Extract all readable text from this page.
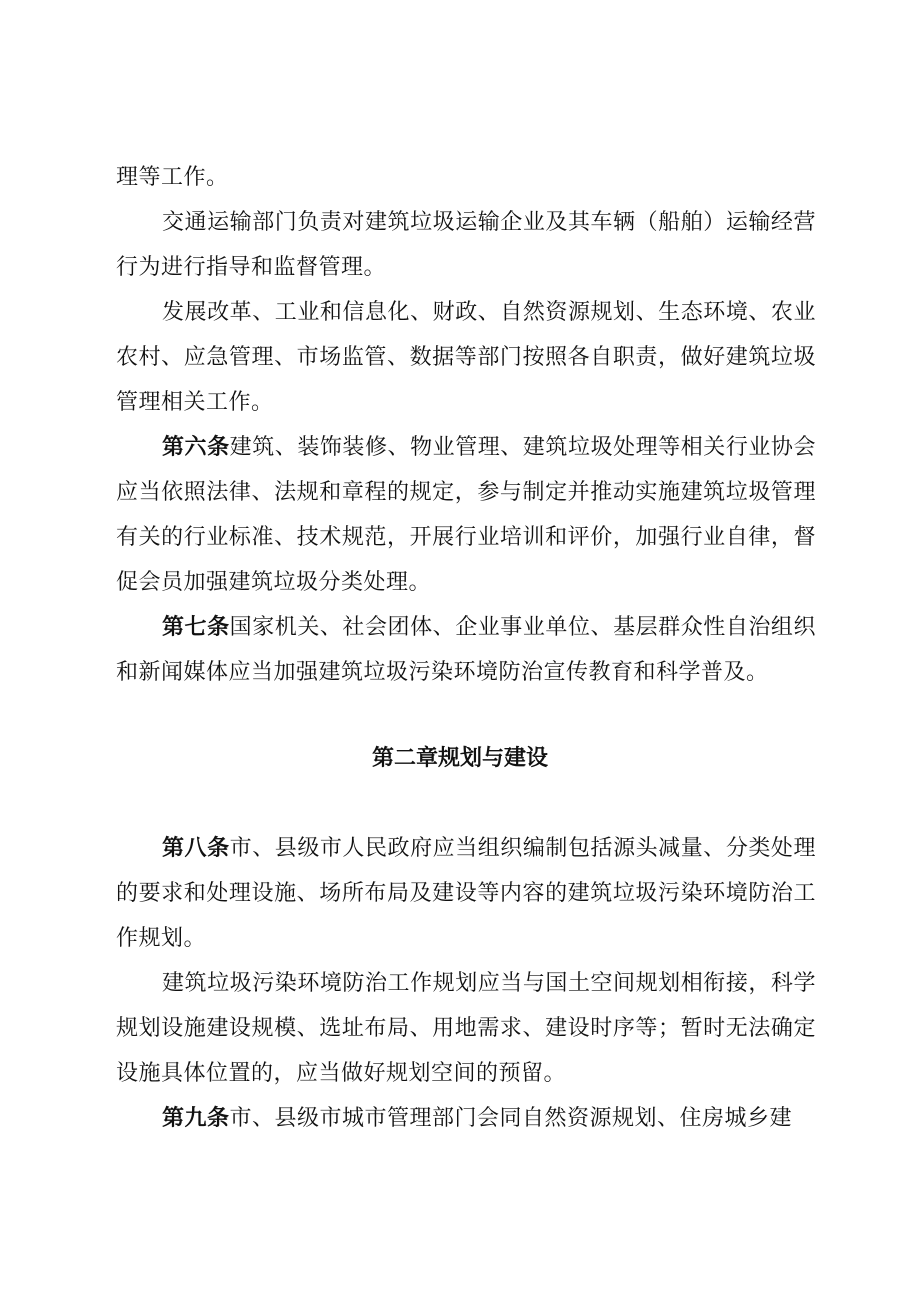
理等工作。

交通运输部门负责对建筑垃圾运输企业及其车辆（船舶）运输经营行为进行指导和监督管理。

发展改革、工业和信息化、财政、自然资源规划、生态环境、农业农村、应急管理、市场监管、数据等部门按照各自职责，做好建筑垃圾管理相关工作。

第六条建筑、装饰装修、物业管理、建筑垃圾处理等相关行业协会应当依照法律、法规和章程的规定，参与制定并推动实施建筑垃圾管理有关的行业标准、技术规范，开展行业培训和评价，加强行业自律，督促会员加强建筑垃圾分类处理。

第七条国家机关、社会团体、企业事业单位、基层群众性自治组织和新闻媒体应当加强建筑垃圾污染环境防治宣传教育和科学普及。

第二章规划与建设

第八条市、县级市人民政府应当组织编制包括源头减量、分类处理的要求和处理设施、场所布局及建设等内容的建筑垃圾污染环境防治工作规划。

建筑垃圾污染环境防治工作规划应当与国土空间规划相衔接，科学规划设施建设规模、选址布局、用地需求、建设时序等；暂时无法确定设施具体位置的，应当做好规划空间的预留。

第九条市、县级市城市管理部门会同自然资源规划、住房城乡建
